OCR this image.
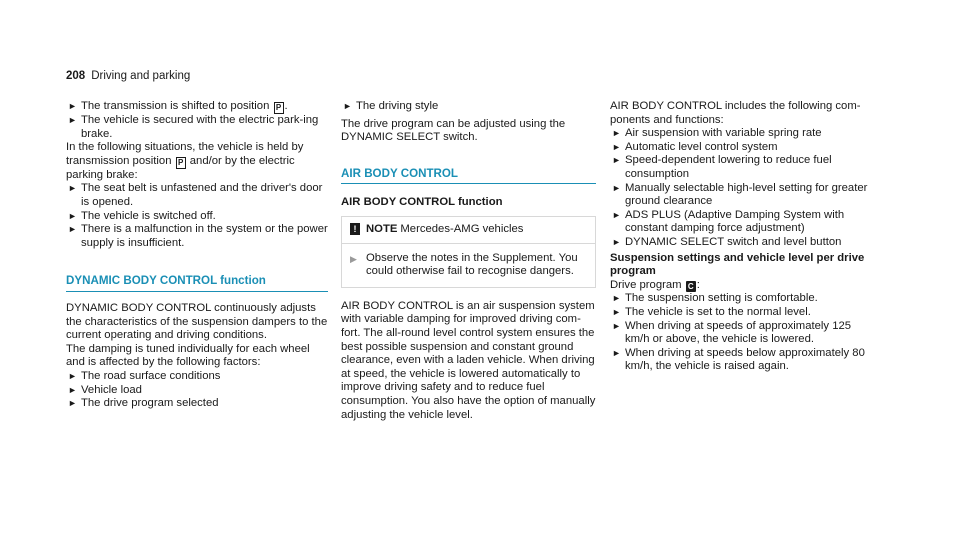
208 Driving and parking
► The transmission is shifted to position P .
► The vehicle is secured with the electric park-ing brake.

In the following situations, the vehicle is held by transmission position P and/or by the electric parking brake:

► The seat belt is unfastened and the driver's door is opened.
► The vehicle is switched off.
► There is a malfunction in the system or the power supply is insufficient.
DYNAMIC BODY CONTROL function

DYNAMIC BODY CONTROL continuously adjusts the characteristics of the suspension dampers to the current operating and driving conditions.

The damping is tuned individually for each wheel and is affected by the following factors:

► The road surface conditions
► Vehicle load
► The drive program selected
► The driving style

The drive program can be adjusted using the DYNAMIC SELECT switch.

AIR BODY CONTROL
AIR BODY CONTROL function
! NOTE Mercedes-AMG vehicles
▶ Observe the notes in the Supplement. You could otherwise fail to recognise dangers.

AIR BODY CONTROL is an air suspension system with variable damping for improved driving com-fort. The all-round level control system ensures the best possible suspension and constant ground clearance, even with a laden vehicle. When driving at speed, the vehicle is lowered automatically to improve driving safety and to reduce fuel consumption. You also have the option of manually adjusting the vehicle level.

AIR BODY CONTROL includes the following com-ponents and functions:

► Air suspension with variable spring rate
► Automatic level control system
► Speed-dependent lowering to reduce fuel consumption
► Manually selectable high-level setting for greater ground clearance
► ADS PLUS (Adaptive Damping System with constant damping force adjustment)
► DYNAMIC SELECT switch and level button
Suspension settings and vehicle level per drive program

Drive program C :

► The suspension setting is comfortable.
► The vehicle is set to the normal level.
► When driving at speeds of approximately 125 km/h or above, the vehicle is lowered.
► When driving at speeds below approximately 80 km/h, the vehicle is raised again.
